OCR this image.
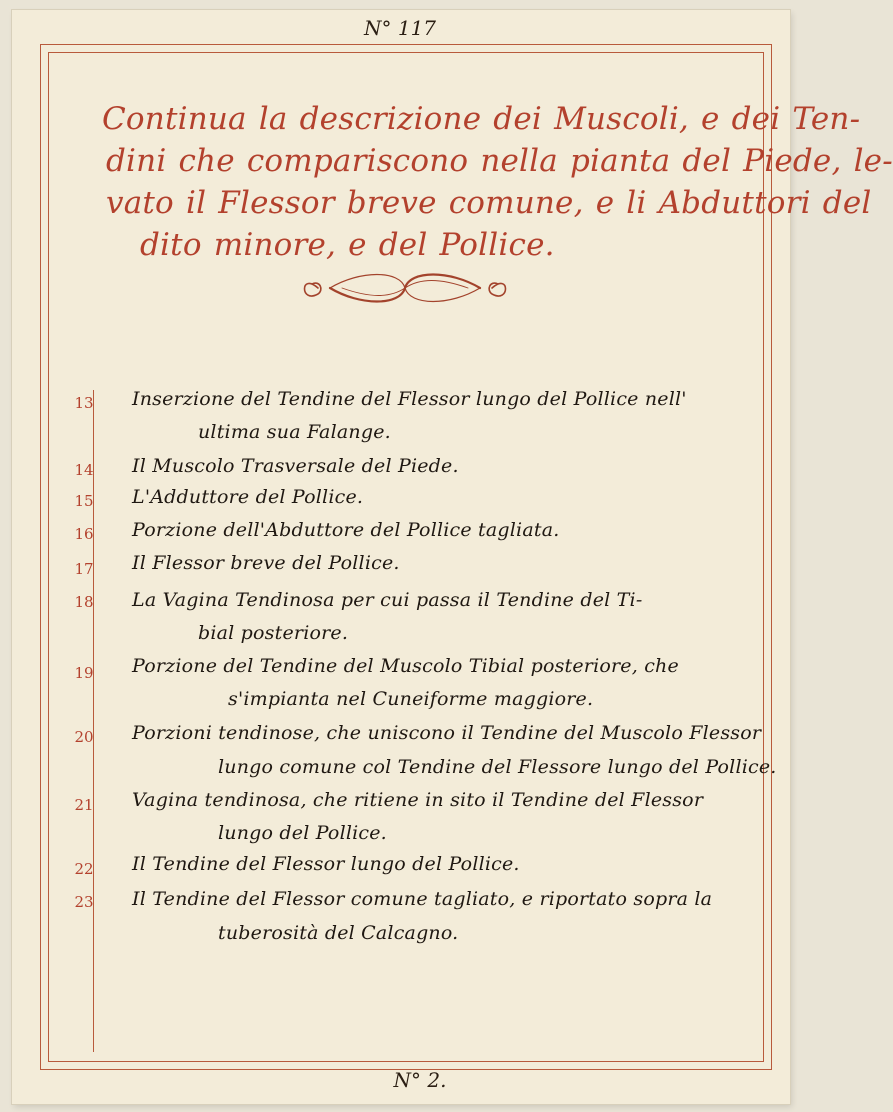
N° 117
N° 2.
Continua la descrizione dei Muscoli, e dei Ten-
dini che compariscono nella pianta del Piede, le-
vato il Flessor breve comune, e li Abduttori del
dito minore, e del Pollice.
13	Inserzione del Tendine del Flessor lungo del Pollice nell'
ultima sua Falange.
14	Il Muscolo Trasversale del Piede.
15	L'Adduttore del Pollice.
16	Porzione dell'Abduttore del Pollice tagliata.
17	Il Flessor breve del Pollice.
18	La Vagina Tendinosa per cui passa il Tendine del Ti-
bial posteriore.
19	Porzione del Tendine del Muscolo Tibial posteriore, che
s'impianta nel Cuneiforme maggiore.
20	Porzioni tendinose, che uniscono il Tendine del Muscolo Flessor
lungo comune col Tendine del Flessore lungo del Pollice.
21	Vagina tendinosa, che ritiene in sito il Tendine del Flessor
lungo del Pollice.
22	Il Tendine del Flessor lungo del Pollice.
23	Il Tendine del Flessor comune tagliato, e riportato sopra la
tuberosità del Calcagno.
